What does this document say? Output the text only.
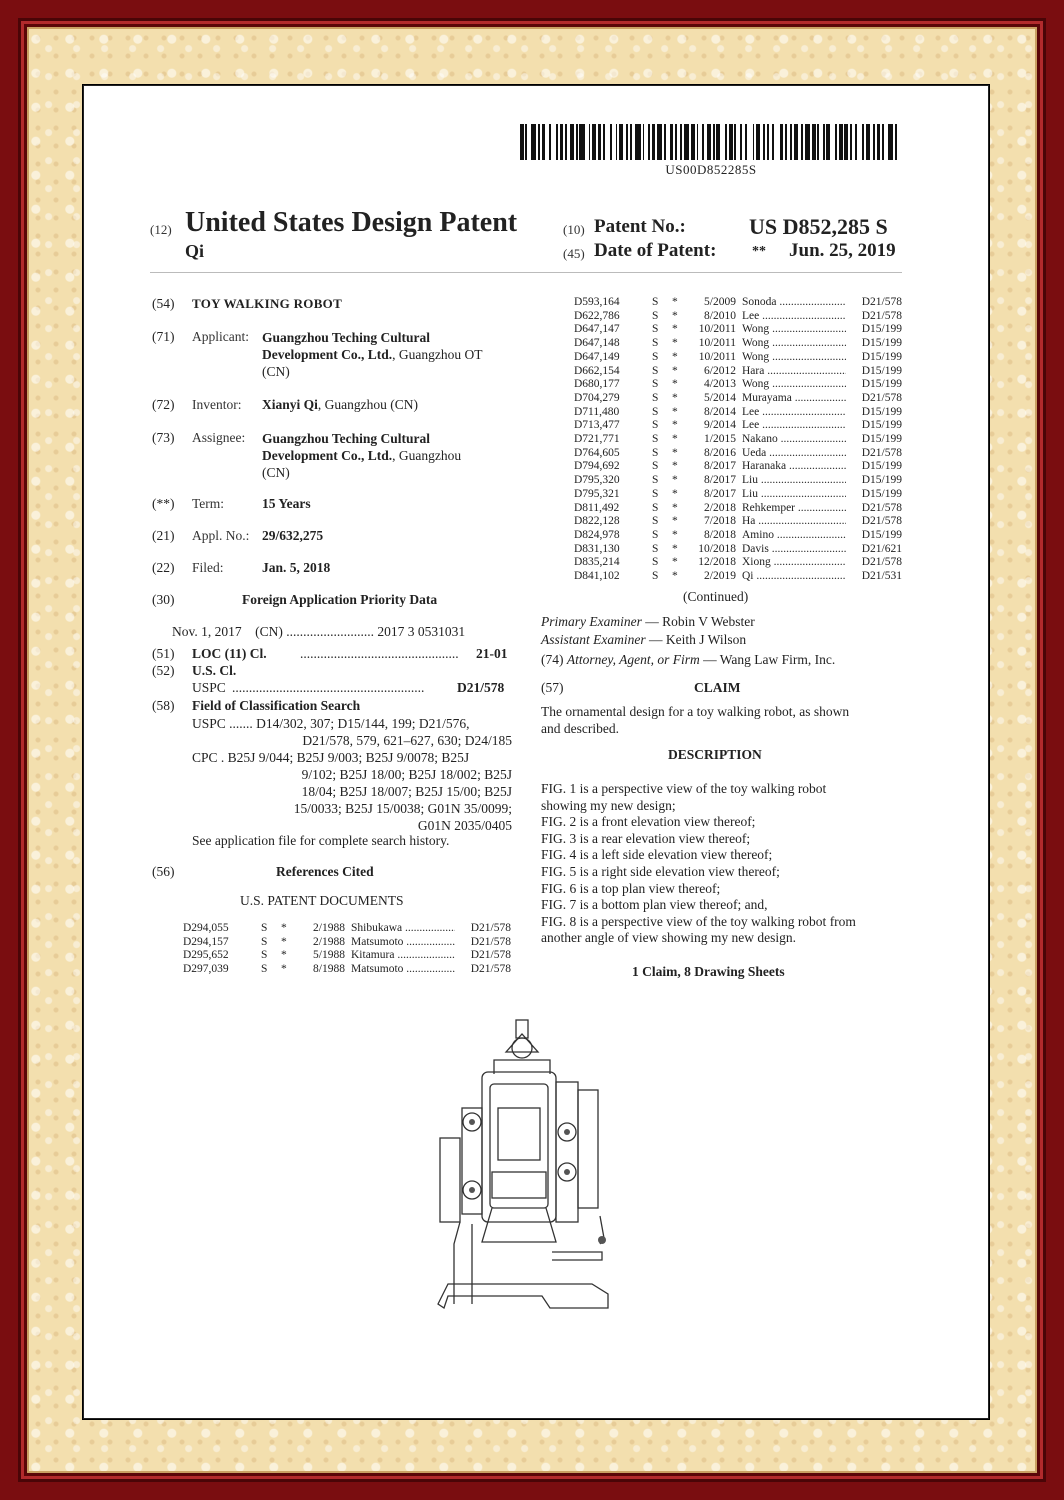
US00D852285S
(12) United States Design Patent
Qi
(10) Patent No.:	US D852,285 S
(45) Date of Patent:	** Jun. 25, 2019
(54) TOY WALKING ROBOT
(71) Applicant: Guangzhou Teching Cultural
Development Co., Ltd., Guangzhou OT
(CN)
(72) Inventor: Xianyi Qi, Guangzhou (CN)
(73) Assignee: Guangzhou Teching Cultural
Development Co., Ltd., Guangzhou
(CN)
(**) Term:	15 Years
(21) Appl. No.: 29/632,275
(22) Filed:	Jan. 5, 2018
(30)	Foreign Application Priority Data
Nov. 1, 2017    (CN) .......................... 2017 3 0531031
(51) LOC (11) Cl. ............................................... 21-01
(52) U.S. Cl.
USPC ......................................................... D21/578
(58) Field of Classification Search
USPC ....... D14/302, 307; D15/144, 199; D21/576,
D21/578, 579, 621–627, 630; D24/185
CPC . B25J 9/044; B25J 9/003; B25J 9/0078; B25J
9/102; B25J 18/00; B25J 18/002; B25J
18/04; B25J 18/007; B25J 15/00; B25J
15/0033; B25J 15/0038; G01N 35/0099;
G01N 2035/0405
See application file for complete search history.
(56)	References Cited
U.S. PATENT DOCUMENTS
D294,055	S	*	2/1988 Shibukawa .....	D21/578
D294,157	S	*	2/1988 Matsumoto .....	D21/578
D295,652	S	*	5/1988 Kitamura .....	D21/578
D297,039	S	*	8/1988 Matsumoto .....	D21/578
D593,164	S	*	5/2009 Sonoda .....	D21/578
D622,786	S	*	8/2010 Lee .....	D21/578
D647,147	S	*	10/2011 Wong .....	D15/199
D647,148	S	*	10/2011 Wong .....	D15/199
D647,149	S	*	10/2011 Wong .....	D15/199
D662,154	S	*	6/2012 Hara .....	D15/199
D680,177	S	*	4/2013 Wong .....	D15/199
D704,279	S	*	5/2014 Murayama .....	D21/578
D711,480	S	*	8/2014 Lee .....	D15/199
D713,477	S	*	9/2014 Lee .....	D15/199
D721,771	S	*	1/2015 Nakano .....	D15/199
D764,605	S	*	8/2016 Ueda .....	D21/578
D794,692	S	*	8/2017 Haranaka .....	D15/199
D795,320	S	*	8/2017 Liu .....	D15/199
D795,321	S	*	8/2017 Liu .....	D15/199
D811,492	S	*	2/2018 Rehkemper .....	D21/578
D822,128	S	*	7/2018 Ha .....	D21/578
D824,978	S	*	8/2018 Amino .....	D15/199
D831,130	S	*	10/2018 Davis .....	D21/621
D835,214	S	*	12/2018 Xiong .....	D21/578
D841,102	S	*	2/2019 Qi .....	D21/531
(Continued)
Primary Examiner — Robin V Webster
Assistant Examiner — Keith J Wilson
(74) Attorney, Agent, or Firm — Wang Law Firm, Inc.
(57)	CLAIM
The ornamental design for a toy walking robot, as shown
and described.
DESCRIPTION
FIG. 1 is a perspective view of the toy walking robot
showing my new design;
FIG. 2 is a front elevation view thereof;
FIG. 3 is a rear elevation view thereof;
FIG. 4 is a left side elevation view thereof;
FIG. 5 is a right side elevation view thereof;
FIG. 6 is a top plan view thereof;
FIG. 7 is a bottom plan view thereof; and,
FIG. 8 is a perspective view of the toy walking robot from
another angle of view showing my new design.
1 Claim, 8 Drawing Sheets
